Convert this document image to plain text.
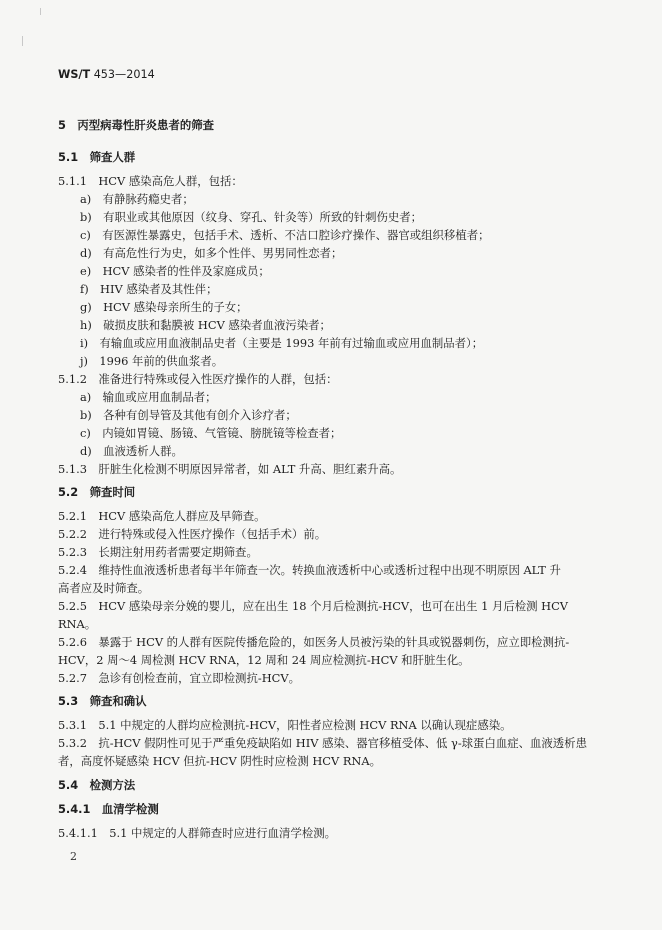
WS/T 453—2014

5　丙型病毒性肝炎患者的筛查

5.1　筛查人群

5.1.1　HCV 感染高危人群，包括：

a)　有静脉药瘾史者；

b)　有职业或其他原因（纹身、穿孔、针灸等）所致的针刺伤史者；

c)　有医源性暴露史，包括手术、透析、不洁口腔诊疗操作、器官或组织移植者；

d)　有高危性行为史，如多个性伴、男男同性恋者；

e)　HCV 感染者的性伴及家庭成员；

f)　HIV 感染者及其性伴；

g)　HCV 感染母亲所生的子女；

h)　破损皮肤和黏膜被 HCV 感染者血液污染者；

i)　有输血或应用血液制品史者（主要是 1993 年前有过输血或应用血制品者）；

j)　1996 年前的供血浆者。

5.1.2　准备进行特殊或侵入性医疗操作的人群，包括：

a)　输血或应用血制品者；

b)　各种有创导管及其他有创介入诊疗者；

c)　内镜如胃镜、肠镜、气管镜、膀胱镜等检查者；

d)　血液透析人群。

5.1.3　肝脏生化检测不明原因异常者，如 ALT 升高、胆红素升高。

5.2　筛查时间

5.2.1　HCV 感染高危人群应及早筛查。

5.2.2　进行特殊或侵入性医疗操作（包括手术）前。

5.2.3　长期注射用药者需要定期筛查。

5.2.4　维持性血液透析患者每半年筛查一次。转换血液透析中心或透析过程中出现不明原因 ALT 升

高者应及时筛查。

5.2.5　HCV 感染母亲分娩的婴儿，应在出生 18 个月后检测抗-HCV，也可在出生 1 月后检测 HCV

RNA。

5.2.6　暴露于 HCV 的人群有医院传播危险的，如医务人员被污染的针具或锐器刺伤，应立即检测抗-

HCV，2 周～4 周检测 HCV RNA，12 周和 24 周应检测抗-HCV 和肝脏生化。

5.2.7　急诊有创检查前，宜立即检测抗-HCV。

5.3　筛查和确认

5.3.1　5.1 中规定的人群均应检测抗-HCV，阳性者应检测 HCV RNA 以确认现症感染。

5.3.2　抗-HCV 假阴性可见于严重免疫缺陷如 HIV 感染、器官移植受体、低 γ-球蛋白血症、血液透析患

者，高度怀疑感染 HCV 但抗-HCV 阴性时应检测 HCV RNA。

5.4　检测方法

5.4.1　血清学检测

5.4.1.1　5.1 中规定的人群筛查时应进行血清学检测。

2
